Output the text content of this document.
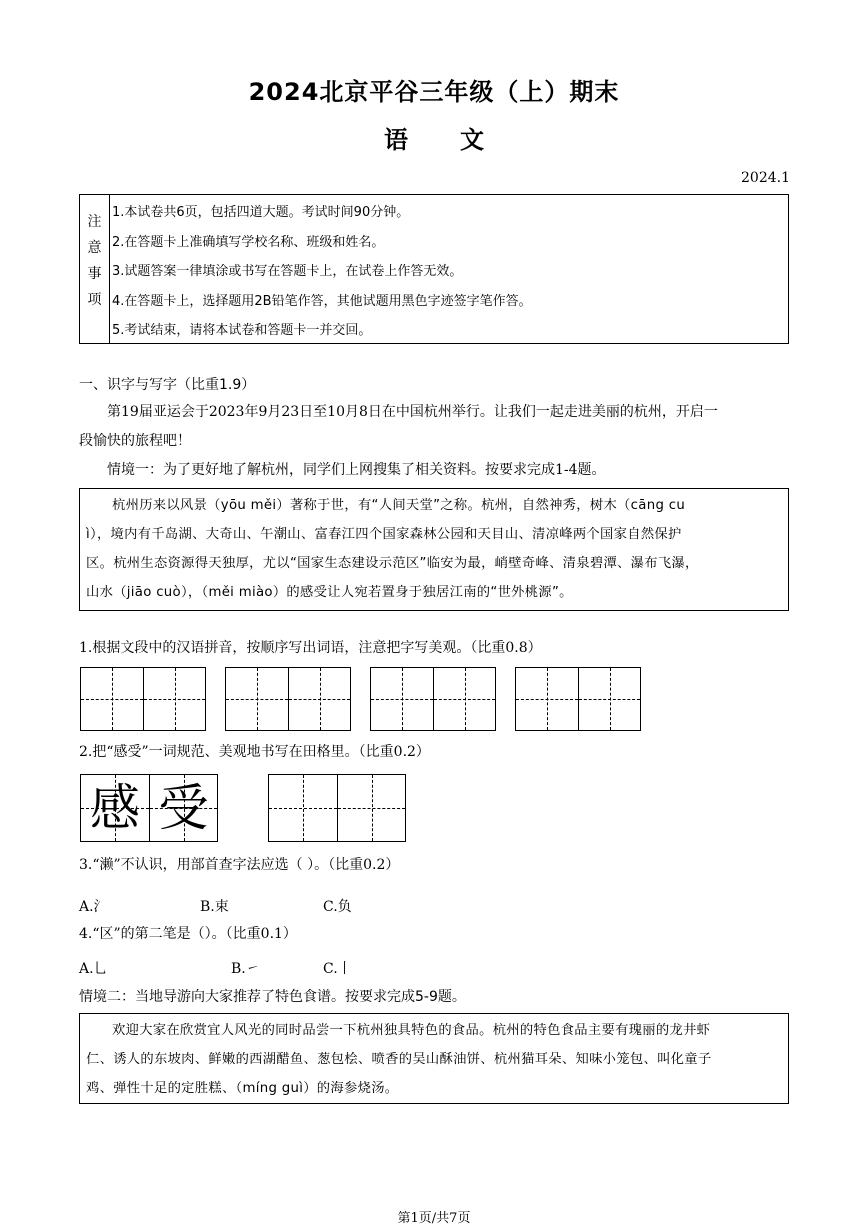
2024北京平谷三年级（上）期末
语 文
2024.1
注
意
事
项
1.本试卷共6页，包括四道大题。考试时间90分钟。
2.在答题卡上准确填写学校名称、班级和姓名。
3.试题答案一律填涂或书写在答题卡上，在试卷上作答无效。
4.在答题卡上，选择题用2B铅笔作答，其他试题用黑色字迹签字笔作答。
5.考试结束，请将本试卷和答题卡一并交回。
一、识字与写字（比重1.9）
第19届亚运会于2023年9月23日至10月8日在中国杭州举行。让我们一起走进美丽的杭州，开启一
段愉快的旅程吧！
情境一：为了更好地了解杭州，同学们上网搜集了相关资料。按要求完成1-4题。
杭州历来以风景（yōu měi）著称于世，有“人间天堂”之称。杭州，自然神秀，树木（cāng cu
ì），境内有千岛湖、大奇山、午潮山、富春江四个国家森林公园和天目山、清凉峰两个国家自然保护
区。杭州生态资源得天独厚，尤以“国家生态建设示范区”临安为最，峭壁奇峰、清泉碧潭、瀑布飞瀑，
山水（jiāo cuò），（měi miào）的感受让人宛若置身于独居江南的“世外桃源”。
1.根据文段中的汉语拼音，按顺序写出词语，注意把字写美观。（比重0.8）
2.把“感受”一词规范、美观地书写在田格里。（比重0.2）
感 受
3.“濑”不认识，用部首查字法应选（ ）。（比重0.2）
A.氵	B.束	C.负
4.“区”的第二笔是（）。（比重0.1）
A.乚	B.㇀	C.丨
情境二：当地导游向大家推荐了特色食谱。按要求完成5-9题。
欢迎大家在欣赏宜人风光的同时品尝一下杭州独具特色的食品。杭州的特色食品主要有瑰丽的龙井虾
仁、诱人的东坡肉、鲜嫩的西湖醋鱼、葱包桧、喷香的吴山酥油饼、杭州猫耳朵、知味小笼包、叫化童子
鸡、弹性十足的定胜糕、（míng guì）的海参烧汤。
第1页/共7页
